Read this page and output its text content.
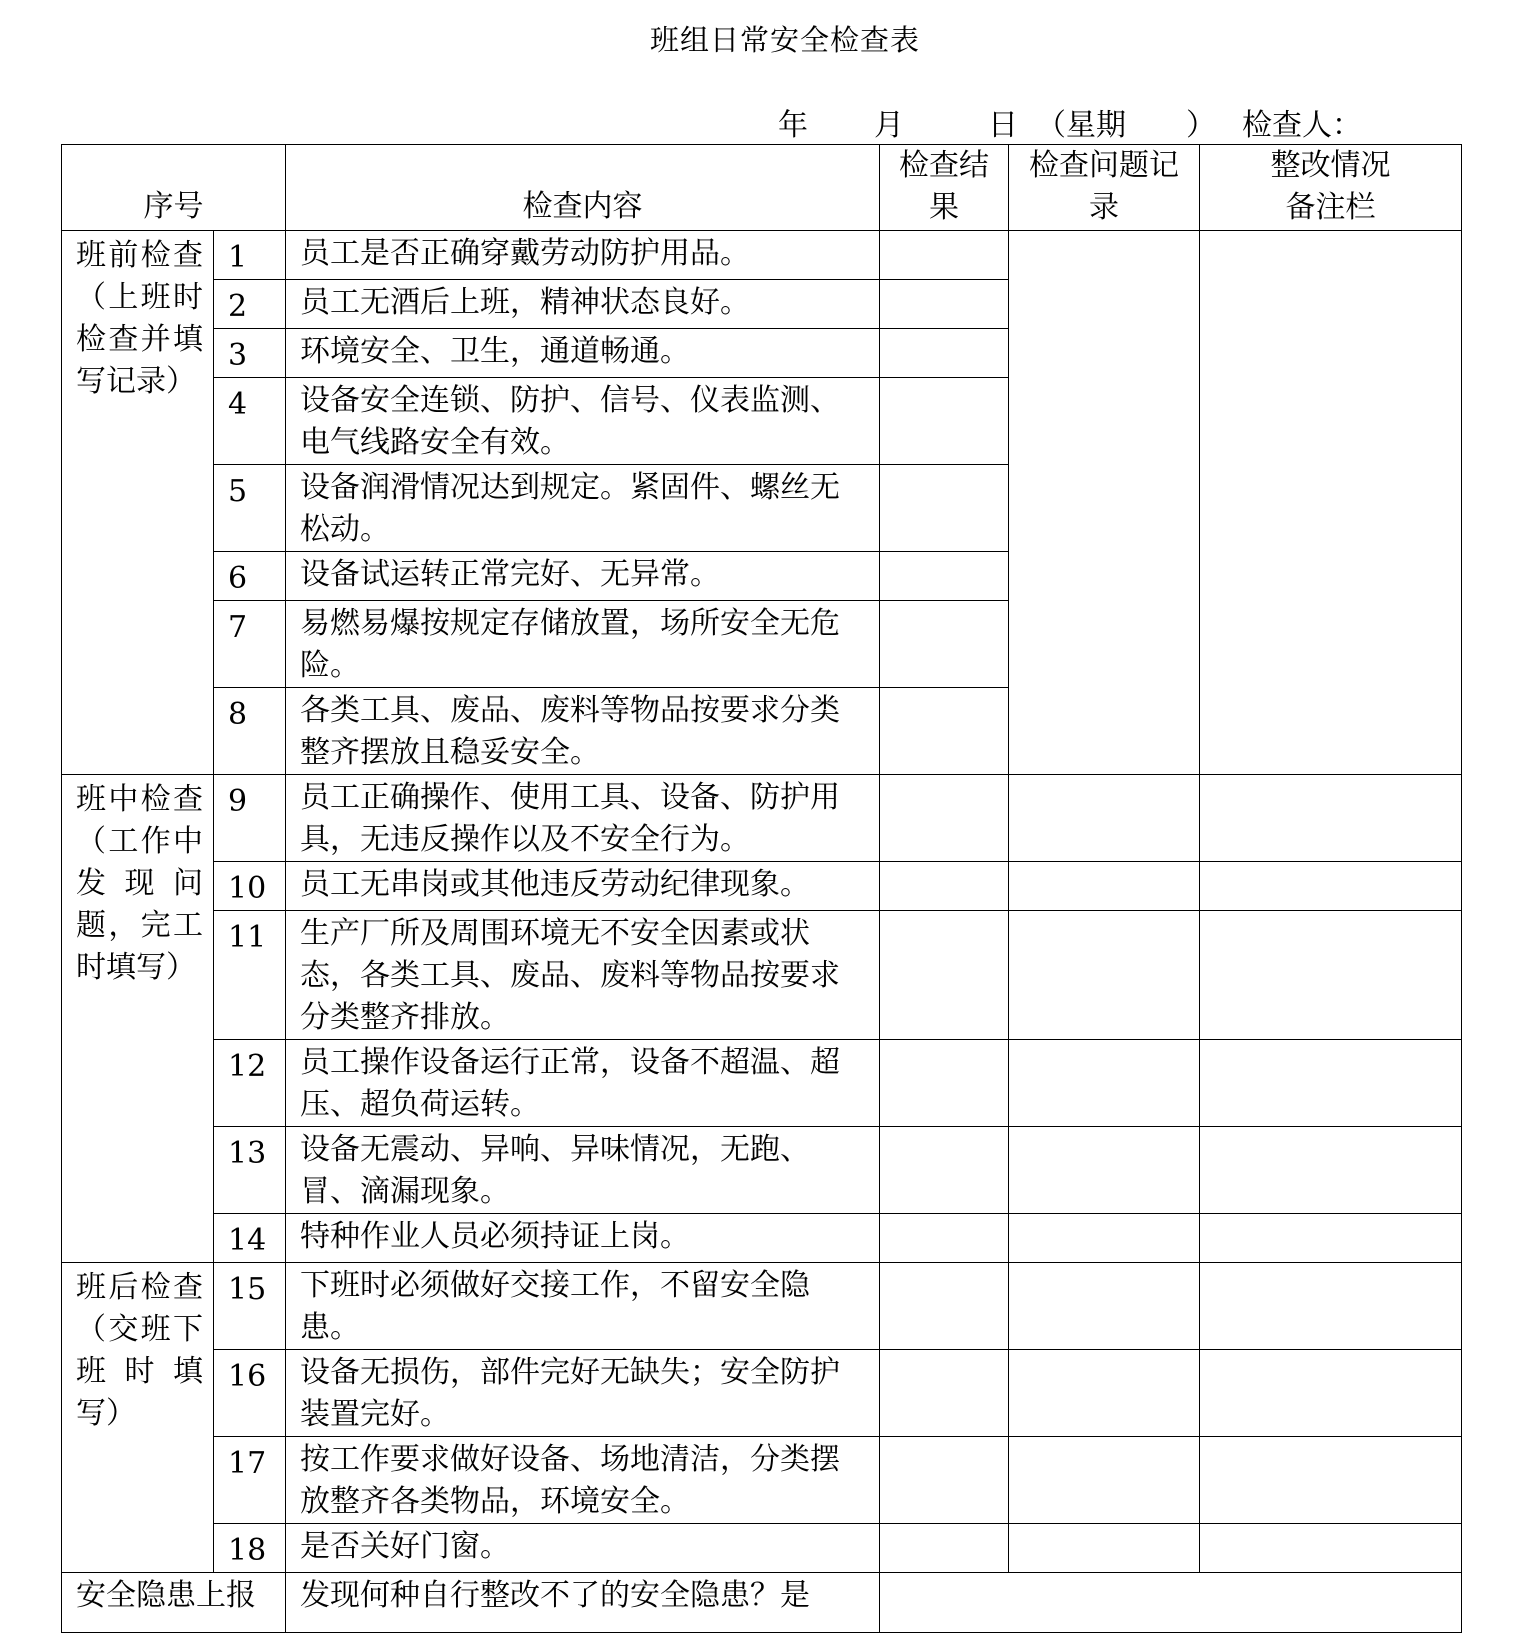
班组日常安全检查表
年 月	日 （星期 ） 检查人：
序号		检查内容	检查结果	检查问题记录	整改情况备注栏
班前检查（上班时检查并填写记录）	1	员工是否正确穿戴劳动防护用品。			
	2	员工无酒后上班，精神状态良好。			
	3	环境安全、卫生，通道畅通。			
	4	设备安全连锁、防护、信号、仪表监测、电气线路安全有效。			
	5	设备润滑情况达到规定。紧固件、螺丝无松动。			
	6	设备试运转正常完好、无异常。			
	7	易燃易爆按规定存储放置，场所安全无危险。			
	8	各类工具、废品、废料等物品按要求分类整齐摆放且稳妥安全。			
班中检查（工作中发现问题，完工时填写）	9	员工正确操作、使用工具、设备、防护用具，无违反操作以及不安全行为。			
	10	员工无串岗或其他违反劳动纪律现象。			
	11	生产厂所及周围环境无不安全因素或状态，各类工具、废品、废料等物品按要求分类整齐排放。			
	12	员工操作设备运行正常，设备不超温、超压、超负荷运转。			
	13	设备无震动、异响、异味情况，无跑、冒、滴漏现象。			
	14	特种作业人员必须持证上岗。			
班后检查（交班下班时填写）	15	下班时必须做好交接工作，不留安全隐患。			
	16	设备无损伤，部件完好无缺失；安全防护装置完好。			
	17	按工作要求做好设备、场地清洁，分类摆放整齐各类物品，环境安全。			
	18	是否关好门窗。			
安全隐患上报		发现何种自行整改不了的安全隐患？是			
